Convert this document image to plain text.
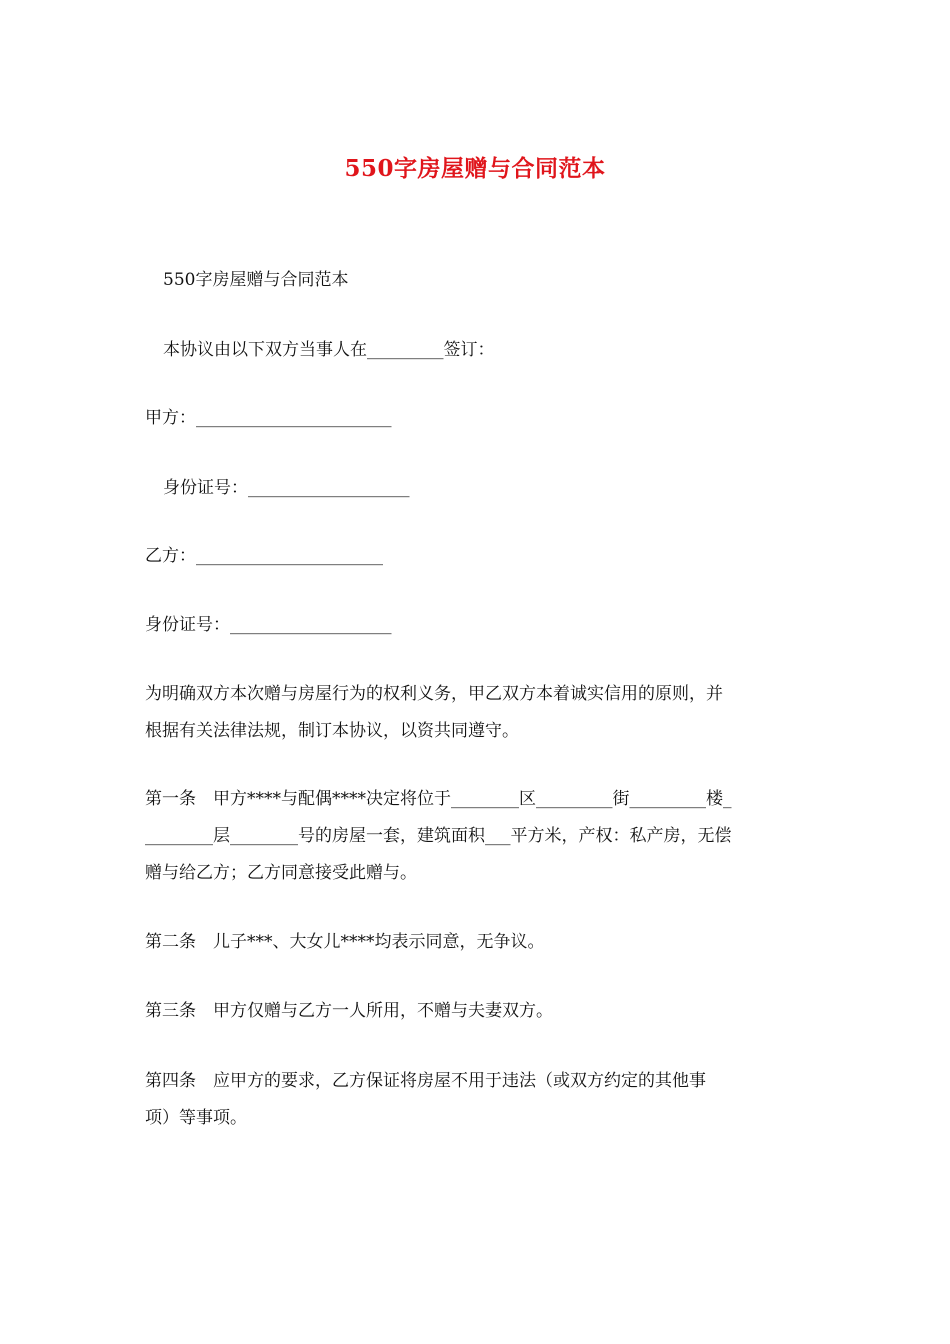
550字房屋赠与合同范本
550字房屋赠与合同范本
本协议由以下双方当事人在_________签订：
甲方：_______________________
身份证号：___________________
乙方：______________________
身份证号：___________________
为明确双方本次赠与房屋行为的权利义务，甲乙双方本着诚实信用的原则，并
根据有关法律法规，制订本协议，以资共同遵守。
第一条　甲方****与配偶****决定将位于________区_________街_________楼_
________层________号的房屋一套，建筑面积___平方米，产权：私产房，无偿
赠与给乙方；乙方同意接受此赠与。
第二条　儿子***、大女儿****均表示同意，无争议。
第三条　甲方仅赠与乙方一人所用，不赠与夫妻双方。
第四条　应甲方的要求，乙方保证将房屋不用于违法（或双方约定的其他事
项）等事项。
